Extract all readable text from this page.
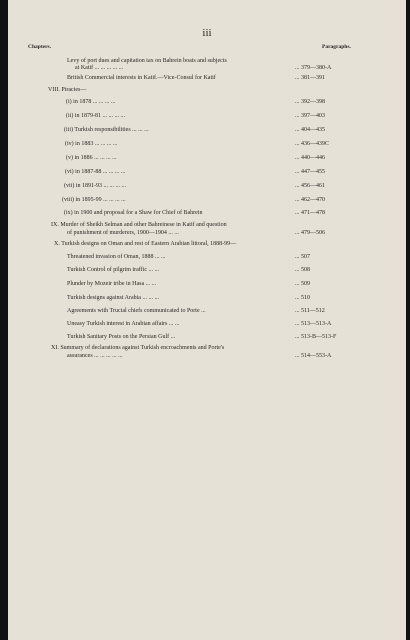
iii
Chapters.	Paragraphs.
Levy of port dues and capitation tax on Bahrein boats and subjects
at Katif ... ... ... ... ...	... 379—380-A
British Commercial interests in Katif.—Vice-Consul for Katif	... 381—391
VIII. Piracies—
(i) in 1878 ... ... ... ...	... 392—398
(ii) in 1879-81 ... ... ... ...	... 397—403
(iii) Turkish responsibilities ... ... ...	... 404—435
(iv) in 1883 ... ... ... ...	... 436—439C
(v) in 1886 ... ... ... ...	... 440—446
(vi) in 1887-88 ... ... ... ...	... 447—455
(vii) in 1891-93 ... ... ... ...	... 456—461
(viii) in 1895-99 ... ... ... ...	... 462—470
(ix) in 1900 and proposal for a Shaw for Chief of Bahrein	... 471—478
IX. Murder of Sheikh Selman and other Bahreinese in Katif and question
of punishment of murderers, 1900—1904 ... ...	... 479—506
X. Turkish designs on Oman and rest of Eastern Arabian littoral, 1888-99—
Threatened invasion of Oman, 1888 ... ...	... 507
Turkish Control of pilgrim traffic ... ...	... 508
Plunder by Mozeir tribe in Hasa ... ...	... 509
Turkish designs against Arabia ... ... ...	... 510
Agreements with Trucial chiefs communicated to Porte ...	... 511—512
Uneasy Turkish interest in Arabian affairs ... ...	... 513—513-A
Turkish Sanitary Posts on the Persian Gulf ...	... 513-B—513-F
XI. Summary of declarations against Turkish encroachments and Porte's
assurances ... ... ... ... ...	... 514—553-A
